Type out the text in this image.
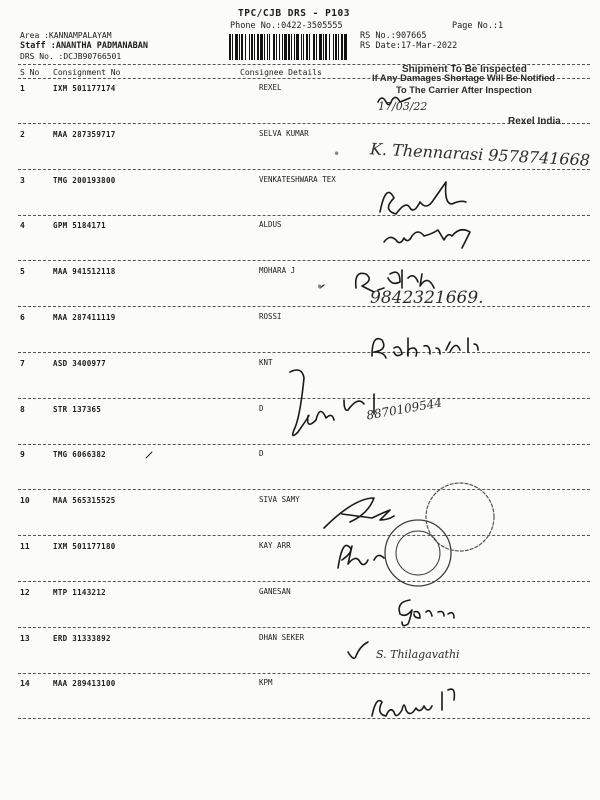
TPC/CJB DRS - P103
Phone No.:0422-3505555	Page No.:1
Area :KANNAMPALAYAM
Staff :ANANTHA PADMANABAN
DRS No. :DCJB90766501
RS No.:907665
RS Date:17-Mar-2022
S No Consignment No	Consignee Details
1	IXM 501177174	REXEL
2	MAA 287359717	SELVA KUMAR
3	TMG 200193800	VENKATESHWARA TEX
4	GPM 5184171	ALDUS
5	MAA 941512118	MOHARA J
6	MAA 287411119	ROSSI
7	ASD 3400977	KNT
8	STR 137365	D
9	TMG 6066382	D
10	MAA 565315525	SIVA SAMY
11	IXM 501177180	KAY ARR
12	MTP 1143212	GANESAN
13	ERD 31333892	DHAN SEKER
14	MAA 289413100	KPM
Shipment To Be Inspected
If Any Damages Shortage Will Be Notified
To The Carrier After Inspection
Rexel India
17/03/22
K. Thennarasi 9578741668
9842321669.
8870109544
S. Thilagavathi
•
•
